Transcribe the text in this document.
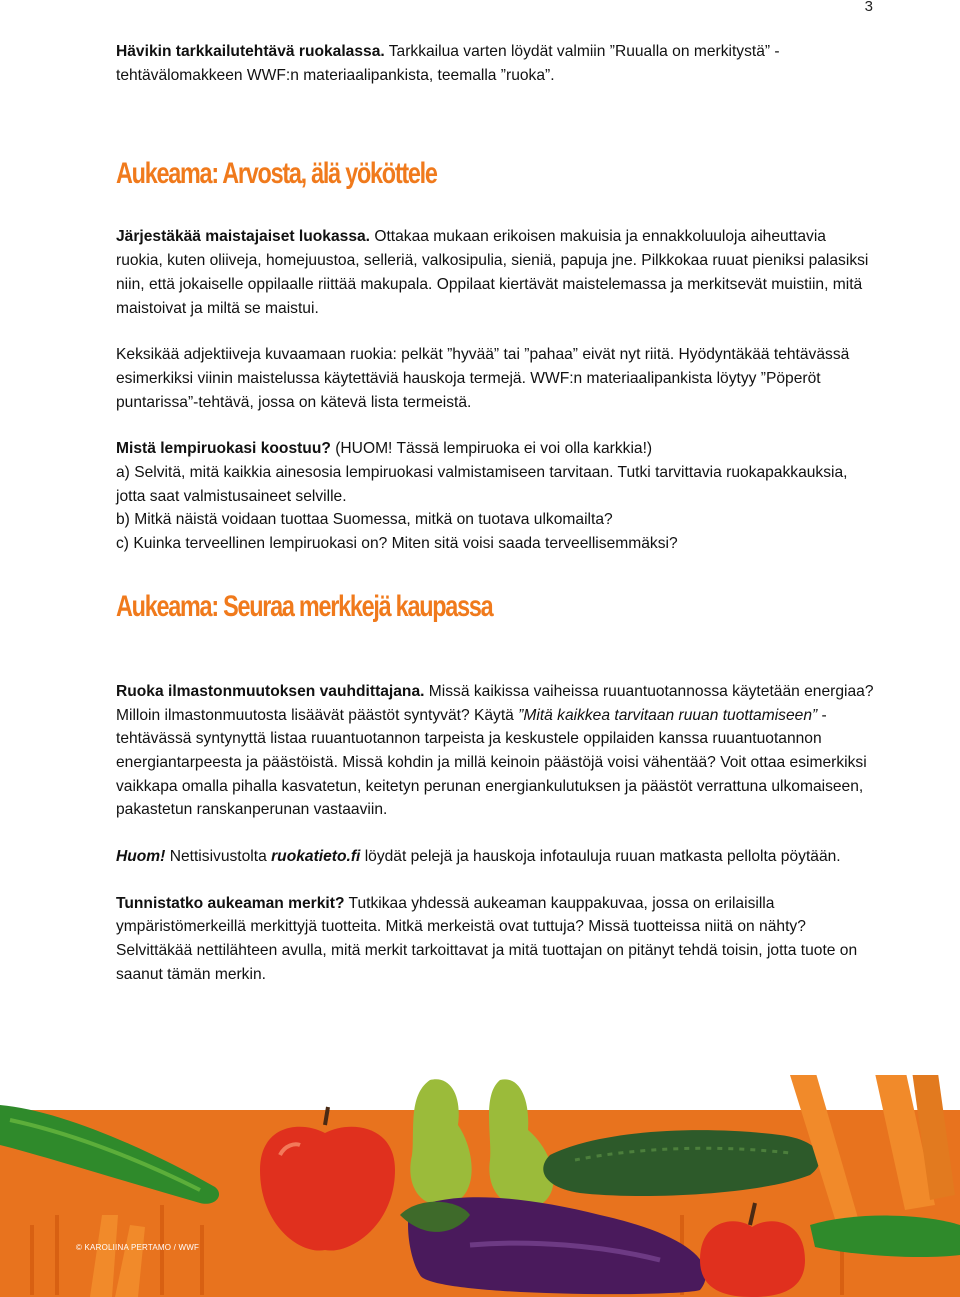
3

Hävikin tarkkailutehtävä ruokalassa. Tarkkailua varten löydät valmiin ”Ruualla on merkitystä” -tehtävälomakkeen WWF:n materiaalipankista, teemalla ”ruoka”.

Aukeama: Arvosta, älä yököttele

Järjestäkää maistajaiset luokassa. Ottakaa mukaan erikoisen makuisia ja ennakkoluuloja aiheuttavia ruokia, kuten oliiveja, homejuustoa, selleriä, valkosipulia, sieniä, papuja jne. Pilkkokaa ruuat pieniksi palasiksi niin, että jokaiselle oppilaalle riittää makupala. Oppilaat kiertävät maistelemassa ja merkitsevät muistiin, mitä maistoivat ja miltä se maistui.

Keksikää adjektiiveja kuvaamaan ruokia: pelkät ”hyvää” tai ”pahaa” eivät nyt riitä. Hyödyntäkää tehtävässä esimerkiksi viinin maistelussa käytettäviä hauskoja termejä. WWF:n materiaalipankista löytyy ”Pöperöt puntarissa”-tehtävä, jossa on kätevä lista termeistä.

Mistä lempiruokasi koostuu? (HUOM! Tässä lempiruoka ei voi olla karkkia!)

a) Selvitä, mitä kaikkia ainesosia lempiruokasi valmistamiseen tarvitaan. Tutki tarvittavia ruokapakkauksia, jotta saat valmistusaineet selville.

b) Mitkä näistä voidaan tuottaa Suomessa, mitkä on tuotava ulkomailta?

c) Kuinka terveellinen lempiruokasi on? Miten sitä voisi saada terveellisemmäksi?

Aukeama: Seuraa merkkejä kaupassa

Ruoka ilmastonmuutoksen vauhdittajana. Missä kaikissa vaiheissa ruuantuotannossa käytetään energiaa? Milloin ilmastonmuutosta lisäävät päästöt syntyvät? Käytä ”Mitä kaikkea tarvitaan ruuan tuottamiseen” -tehtävässä syntynyttä listaa ruuantuotannon tarpeista ja keskustele oppilaiden kanssa ruuantuotannon energiantarpeesta ja päästöistä. Missä kohdin ja millä keinoin päästöjä voisi vähentää? Voit ottaa esimerkiksi vaikkapa omalla pihalla kasvatetun, keitetyn perunan energiankulutuksen ja päästöt verrattuna ulkomaiseen, pakastetun ranskanperunan vastaaviin.

Huom! Nettisivustolta ruokatieto.fi löydät pelejä ja hauskoja infotauluja ruuan matkasta pellolta pöytään.

Tunnistatko aukeaman merkit? Tutkikaa yhdessä aukeaman kauppakuvaa, jossa on erilaisilla ympäristömerkeillä merkittyjä tuotteita. Mitkä merkeistä ovat tuttuja? Missä tuotteissa niitä on nähty? Selvittäkää nettilähteen avulla, mitä merkit tarkoittavat ja mitä tuottajan on pitänyt tehdä toisin, jotta tuote on saanut tämän merkin.

© KAROLIINA PERTAMO / WWF
